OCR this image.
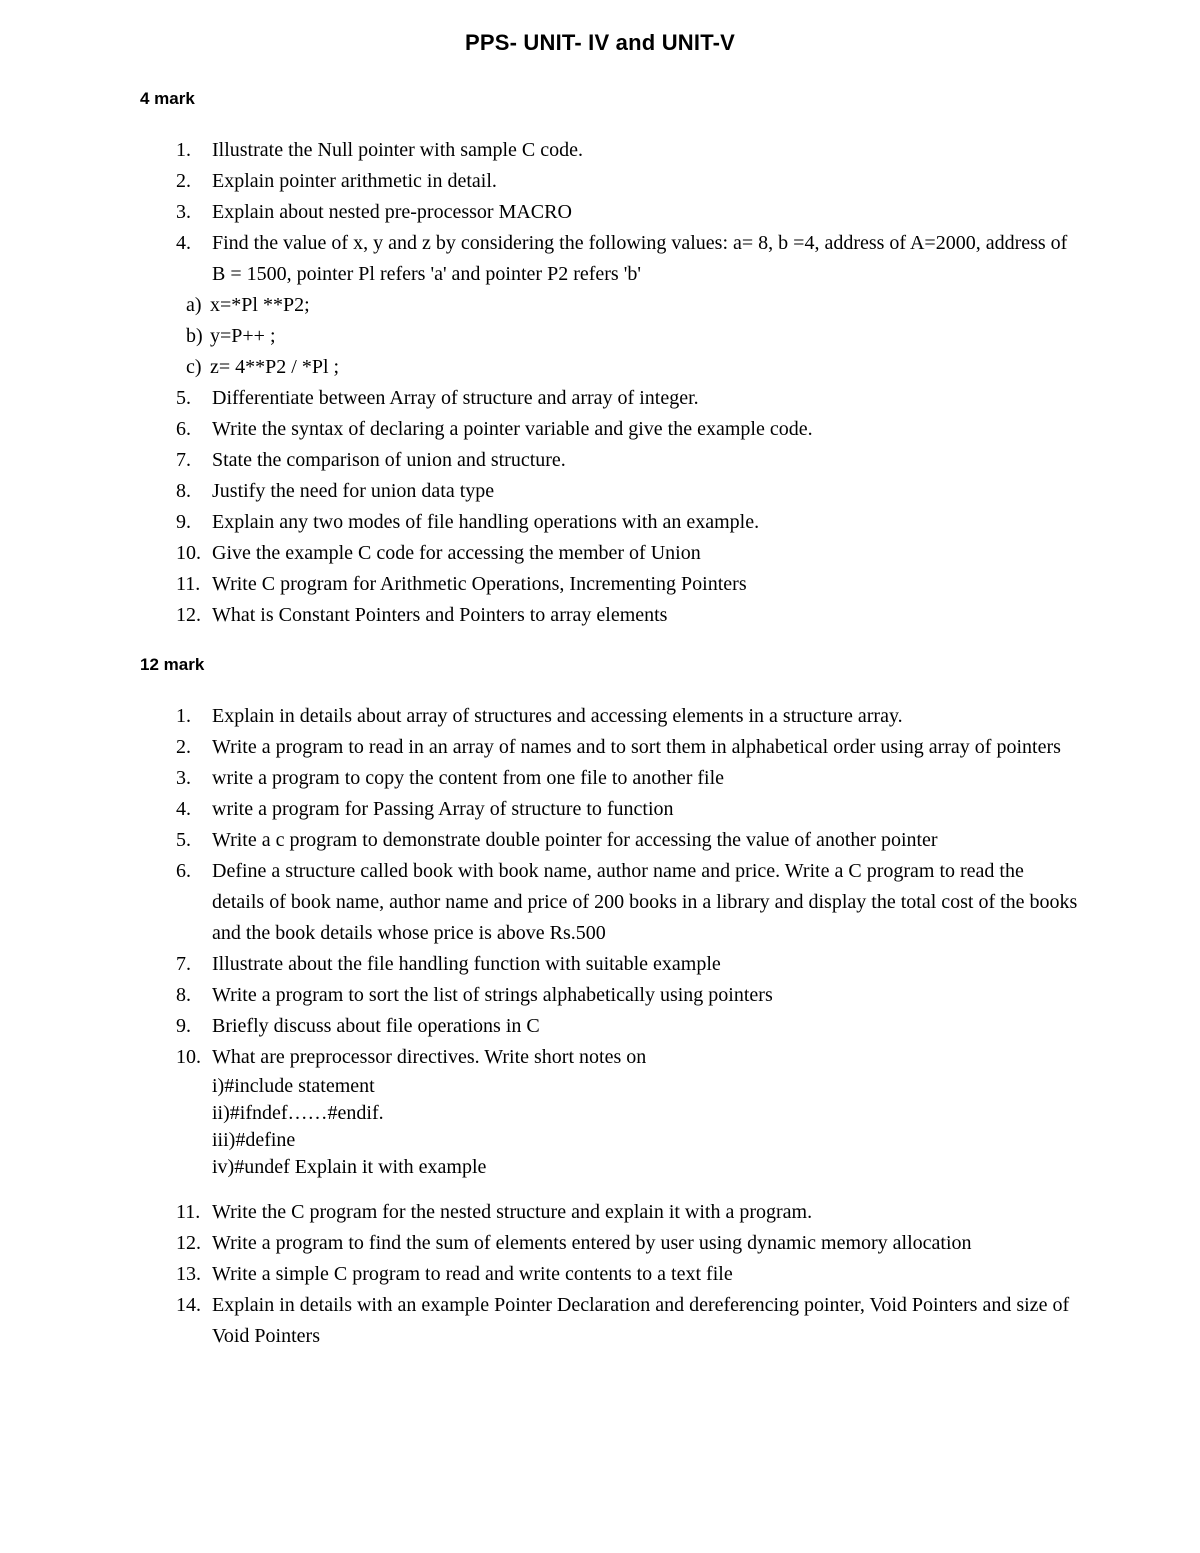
PPS- UNIT- IV and UNIT-V
4 mark
1. Illustrate the Null pointer with sample C code.
2. Explain pointer arithmetic in detail.
3. Explain about nested pre-processor MACRO
4. Find the value of x, y and z by considering the following values: a= 8, b =4, address of A=2000, address of B = 1500, pointer Pl refers 'a' and pointer P2 refers 'b'
a) x=*Pl **P2;
b) y=P++ ;
c) z= 4**P2 / *Pl ;
5. Differentiate between Array of structure and array of integer.
6. Write the syntax of declaring a pointer variable and give the example code.
7. State the comparison of union and structure.
8. Justify the need for union data type
9. Explain any two modes of file handling operations with an example.
10. Give the example C code for accessing the member of Union
11. Write C program for Arithmetic Operations, Incrementing Pointers
12. What is Constant Pointers and Pointers to array elements
12 mark
1. Explain in details about array of structures and accessing elements in a structure array.
2. Write a program to read in an array of names and to sort them in alphabetical order using array of pointers
3. write a program to copy the content from one file to another file
4. write a program for Passing Array of structure to function
5. Write a c program to demonstrate double pointer for accessing the value of another pointer
6. Define a structure called book with book name, author name and price. Write a C program to read the details of book name, author name and price of 200 books in a library and display the total cost of the books and the book details whose price is above Rs.500
7. Illustrate about the file handling function with suitable example
8. Write a program to sort the list of strings alphabetically using pointers
9. Briefly discuss about file operations in C
10. What are preprocessor directives. Write short notes on
i)#include statement
ii)#ifndef……#endif.
iii)#define
iv)#undef Explain it with example
11. Write the C program for the nested structure and explain it with a program.
12. Write a program to find the sum of elements entered by user using dynamic memory allocation
13. Write a simple C program to read and write contents to a text file
14. Explain in details with an example Pointer Declaration and dereferencing pointer, Void Pointers and size of Void Pointers
